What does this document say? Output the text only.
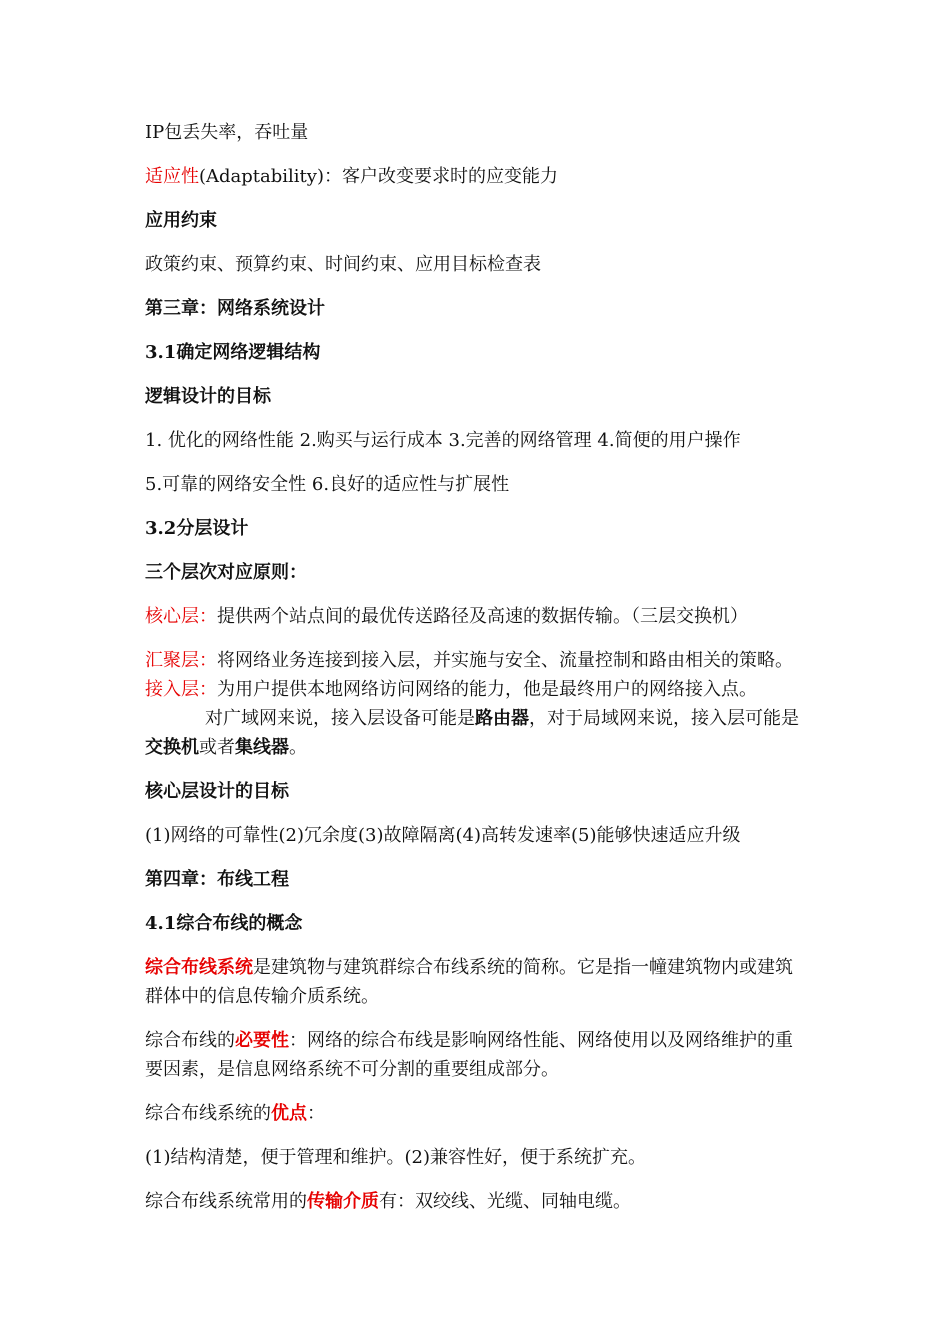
IP包丢失率，吞吐量

适应性(Adaptability)：客户改变要求时的应变能力

应用约束

政策约束、预算约束、时间约束、应用目标检查表

第三章：网络系统设计

3.1确定网络逻辑结构

逻辑设计的目标

1. 优化的网络性能 2.购买与运行成本 3.完善的网络管理 4.简便的用户操作

5.可靠的网络安全性 6.良好的适应性与扩展性

3.2分层设计

三个层次对应原则：

核心层：提供两个站点间的最优传送路径及高速的数据传输。（三层交换机）

汇聚层：将网络业务连接到接入层，并实施与安全、流量控制和路由相关的策略。接入层：为用户提供本地网络访问网络的能力，他是最终用户的网络接入点。对广域网来说，接入层设备可能是路由器，对于局域网来说，接入层可能是交换机或者集线器。

核心层设计的目标

(1)网络的可靠性(2)冗余度(3)故障隔离(4)高转发速率(5)能够快速适应升级

第四章：布线工程

4.1综合布线的概念

综合布线系统是建筑物与建筑群综合布线系统的简称。它是指一幢建筑物内或建筑群体中的信息传输介质系统。

综合布线的必要性：网络的综合布线是影响网络性能、网络使用以及网络维护的重要因素，是信息网络系统不可分割的重要组成部分。

综合布线系统的优点：

(1)结构清楚，便于管理和维护。(2)兼容性好，便于系统扩充。

综合布线系统常用的传输介质有：双绞线、光缆、同轴电缆。
